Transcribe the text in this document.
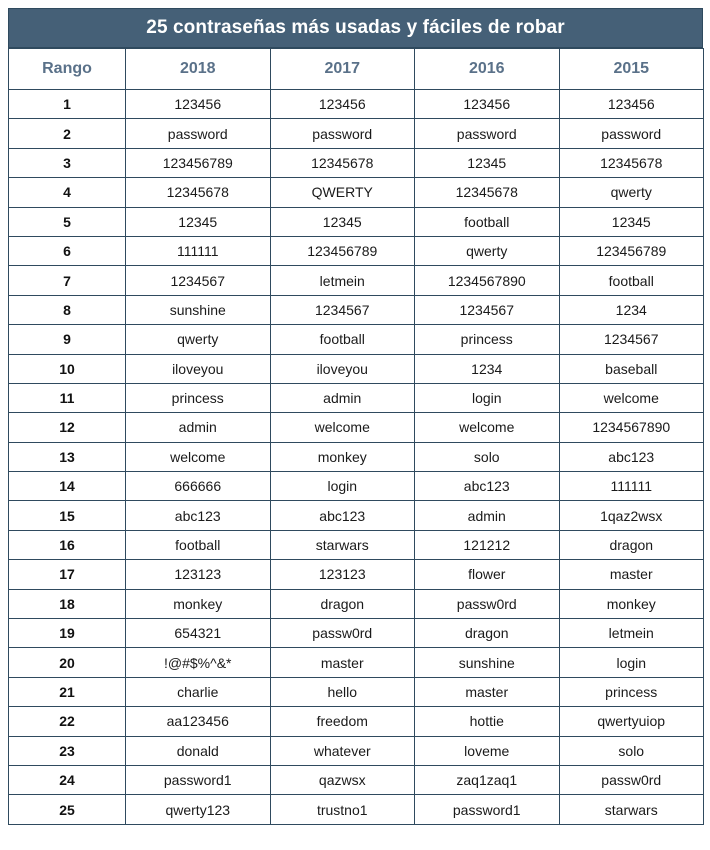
25 contraseñas más usadas y fáciles de robar
Rango	2018	2017	2016	2015
1	123456	123456	123456	123456
2	password	password	password	password
3	123456789	12345678	12345	12345678
4	12345678	QWERTY	12345678	qwerty
5	12345	12345	football	12345
6	111111	123456789	qwerty	123456789
7	1234567	letmein	1234567890	football
8	sunshine	1234567	1234567	1234
9	qwerty	football	princess	1234567
10	iloveyou	iloveyou	1234	baseball
11	princess	admin	login	welcome
12	admin	welcome	welcome	1234567890
13	welcome	monkey	solo	abc123
14	666666	login	abc123	111111
15	abc123	abc123	admin	1qaz2wsx
16	football	starwars	121212	dragon
17	123123	123123	flower	master
18	monkey	dragon	passw0rd	monkey
19	654321	passw0rd	dragon	letmein
20	!@#$%^&*	master	sunshine	login
21	charlie	hello	master	princess
22	aa123456	freedom	hottie	qwertyuiop
23	donald	whatever	loveme	solo
24	password1	qazwsx	zaq1zaq1	passw0rd
25	qwerty123	trustno1	password1	starwars
